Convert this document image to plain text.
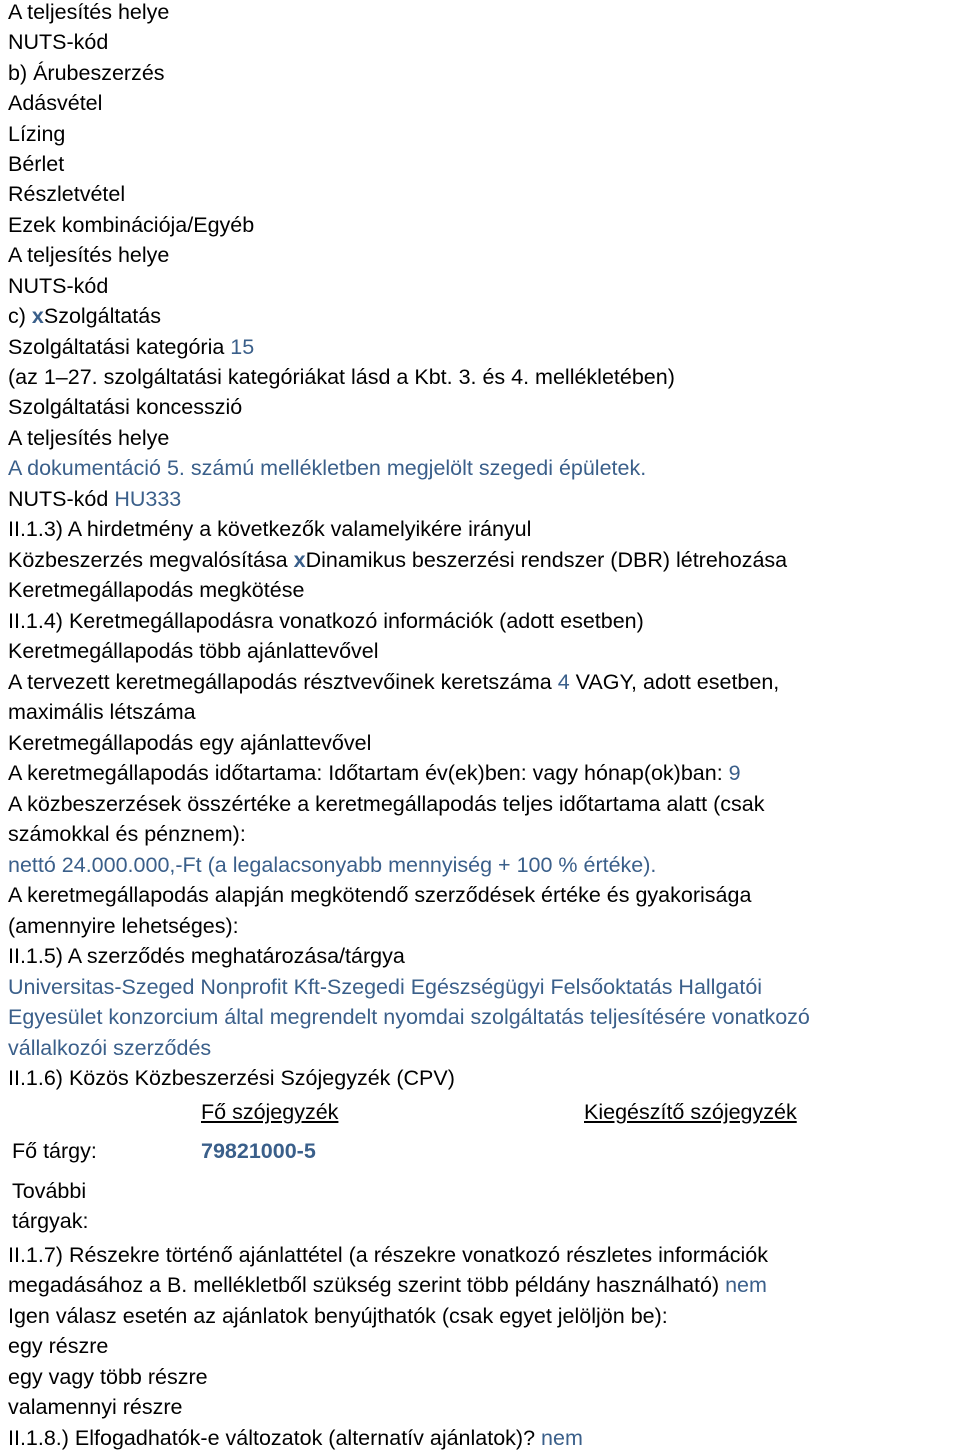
A teljesítés helye
NUTS-kód
b) Árubeszerzés
Adásvétel
Lízing
Bérlet
Részletvétel
Ezek kombinációja/Egyéb
A teljesítés helye
NUTS-kód
c) xSzolgáltatás
Szolgáltatási kategória 15
(az 1–27. szolgáltatási kategóriákat lásd a Kbt. 3. és 4. mellékletében)
Szolgáltatási koncesszió
A teljesítés helye
A dokumentáció 5. számú mellékletben megjelölt szegedi épületek.
NUTS-kód HU333
II.1.3) A hirdetmény a következők valamelyikére irányul
Közbeszerzés megvalósítása xDinamikus beszerzési rendszer (DBR) létrehozása
Keretmegállapodás megkötése
II.1.4) Keretmegállapodásra vonatkozó információk (adott esetben)
Keretmegállapodás több ajánlattevővel
A tervezett keretmegállapodás résztvevőinek keretszáma 4 VAGY, adott esetben,
maximális létszáma
Keretmegállapodás egy ajánlattevővel
A keretmegállapodás időtartama: Időtartam év(ek)ben: vagy hónap(ok)ban: 9
A közbeszerzések összértéke a keretmegállapodás teljes időtartama alatt (csak
számokkal és pénznem):
nettó 24.000.000,-Ft (a legalacsonyabb mennyiség + 100 % értéke).
A keretmegállapodás alapján megkötendő szerződések értéke és gyakorisága
(amennyire lehetséges):
II.1.5) A szerződés meghatározása/tárgya
Universitas-Szeged Nonprofit Kft-Szegedi Egészségügyi Felsőoktatás Hallgatói
Egyesület konzorcium által megrendelt nyomdai szolgáltatás teljesítésére vonatkozó
vállalkozói szerződés
II.1.6) Közös Közbeszerzési Szójegyzék (CPV)
Fő szójegyzék	Kiegészítő szójegyzék
Fő tárgy:	79821000-5
További
tárgyak:
II.1.7) Részekre történő ajánlattétel (a részekre vonatkozó részletes információk
megadásához a B. mellékletből szükség szerint több példány használható) nem
Igen válasz esetén az ajánlatok benyújthatók (csak egyet jelöljön be):
egy részre
egy vagy több részre
valamennyi részre
II.1.8.) Elfogadhatók-e változatok (alternatív ajánlatok)? nem
